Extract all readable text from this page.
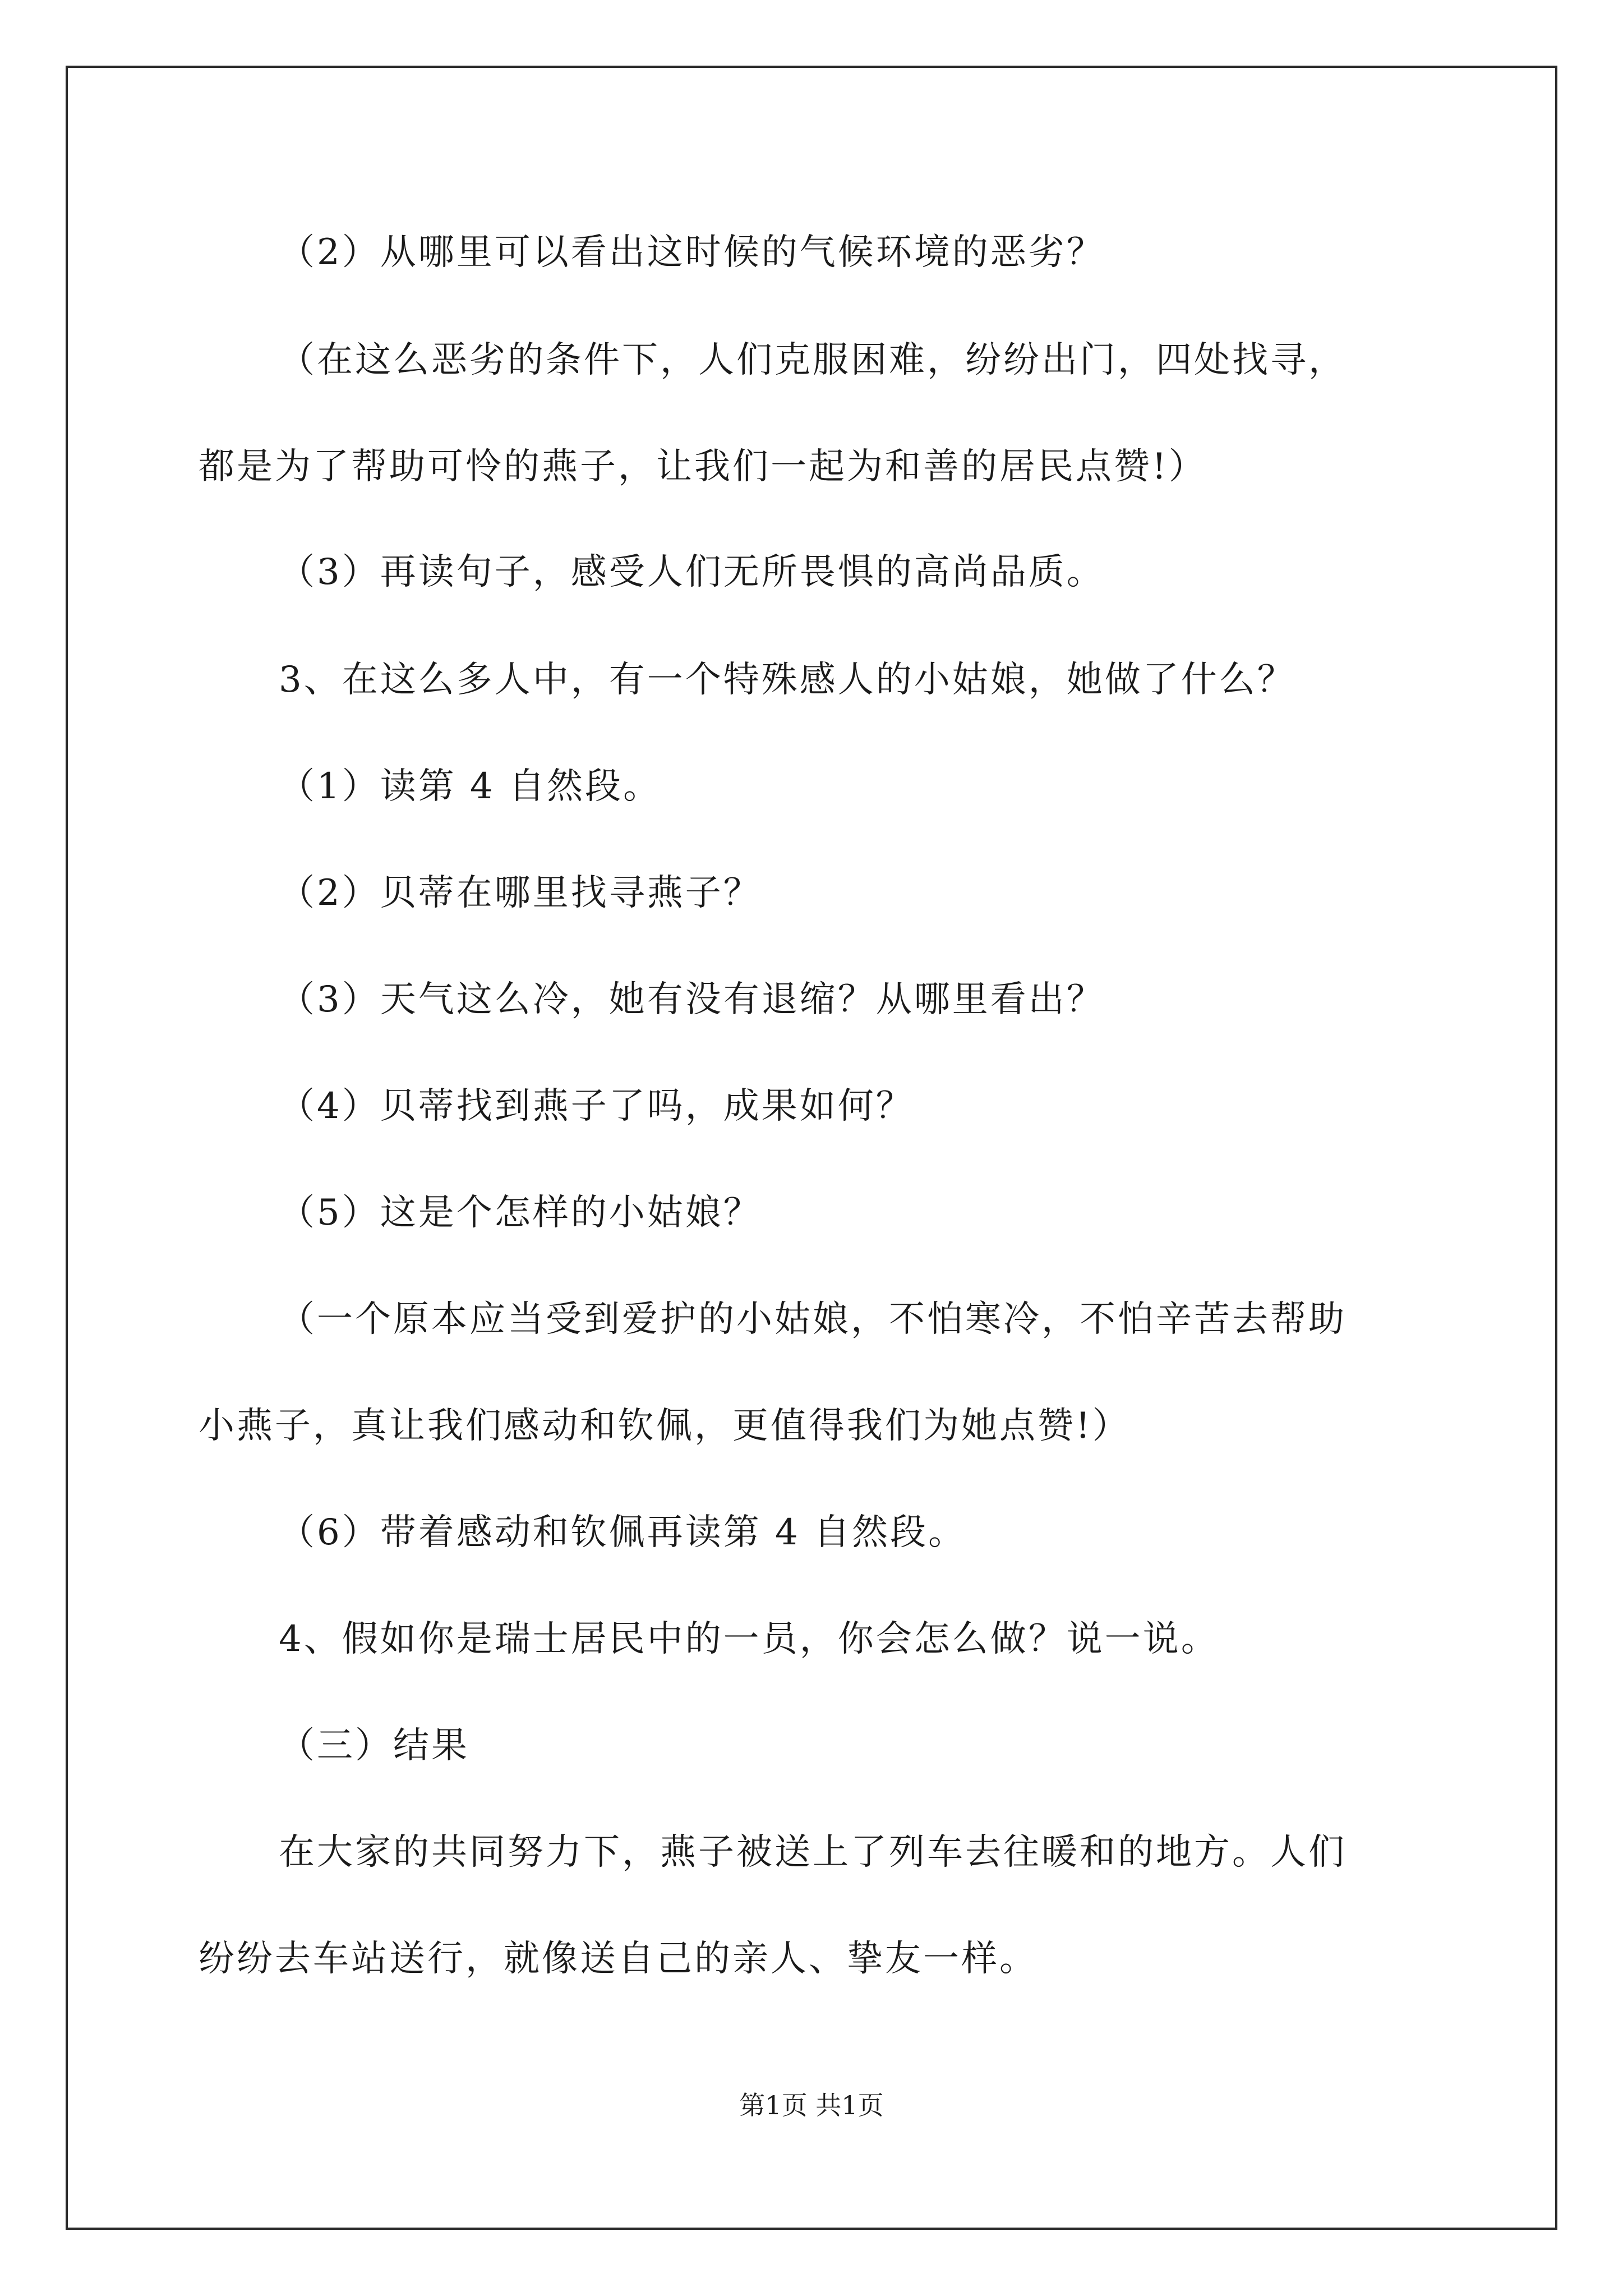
（2）从哪里可以看出这时候的气候环境的恶劣？
（在这么恶劣的条件下，人们克服困难，纷纷出门，四处找寻，
都是为了帮助可怜的燕子，让我们一起为和善的居民点赞!）
（3）再读句子，感受人们无所畏惧的高尚品质。
3、在这么多人中，有一个特殊感人的小姑娘，她做了什么？
（1）读第 4 自然段。
（2）贝蒂在哪里找寻燕子？
（3）天气这么冷，她有没有退缩？从哪里看出？
（4）贝蒂找到燕子了吗，成果如何？
（5）这是个怎样的小姑娘？
（一个原本应当受到爱护的小姑娘，不怕寒冷，不怕辛苦去帮助
小燕子，真让我们感动和钦佩，更值得我们为她点赞!）
（6）带着感动和钦佩再读第 4 自然段。
4、假如你是瑞士居民中的一员，你会怎么做？说一说。
（三）结果
在大家的共同努力下，燕子被送上了列车去往暖和的地方。人们
纷纷去车站送行，就像送自己的亲人、挚友一样。
第1页 共1页
